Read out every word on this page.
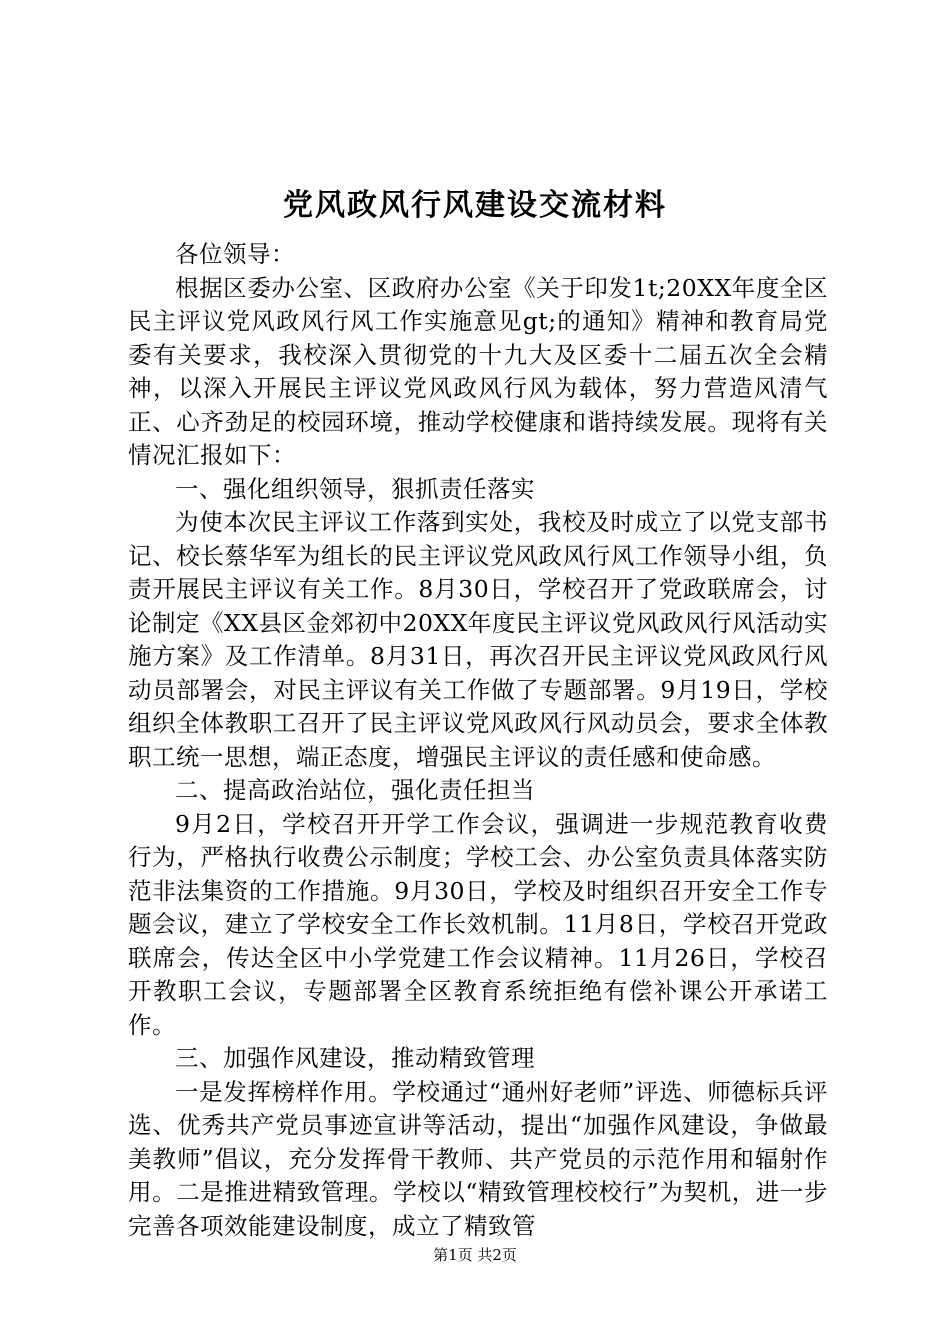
党风政风行风建设交流材料

各位领导：

根据区委办公室、区政府办公室《关于印发1t;20XX年度全区民主评议党风政风行风工作实施意见gt;的通知》精神和教育局党委有关要求，我校深入贯彻党的十九大及区委十二届五次全会精神，以深入开展民主评议党风政风行风为载体，努力营造风清气正、心齐劲足的校园环境，推动学校健康和谐持续发展。现将有关情况汇报如下：

一、强化组织领导，狠抓责任落实

为使本次民主评议工作落到实处，我校及时成立了以党支部书记、校长蔡华军为组长的民主评议党风政风行风工作领导小组，负责开展民主评议有关工作。8月30日，学校召开了党政联席会，讨论制定《XX县区金郊初中20XX年度民主评议党风政风行风活动实施方案》及工作清单。8月31日，再次召开民主评议党风政风行风动员部署会，对民主评议有关工作做了专题部署。9月19日，学校组织全体教职工召开了民主评议党风政风行风动员会，要求全体教职工统一思想，端正态度，增强民主评议的责任感和使命感。

二、提高政治站位，强化责任担当

9月2日，学校召开开学工作会议，强调进一步规范教育收费行为，严格执行收费公示制度；学校工会、办公室负责具体落实防范非法集资的工作措施。9月30日，学校及时组织召开安全工作专题会议，建立了学校安全工作长效机制。11月8日，学校召开党政联席会，传达全区中小学党建工作会议精神。11月26日，学校召开教职工会议，专题部署全区教育系统拒绝有偿补课公开承诺工作。

三、加强作风建设，推动精致管理

一是发挥榜样作用。学校通过“通州好老师”评选、师德标兵评选、优秀共产党员事迹宣讲等活动，提出“加强作风建设，争做最美教师”倡议，充分发挥骨干教师、共产党员的示范作用和辐射作用。二是推进精致管理。学校以“精致管理校校行”为契机，进一步完善各项效能建设制度，成立了精致管

第1页 共2页
